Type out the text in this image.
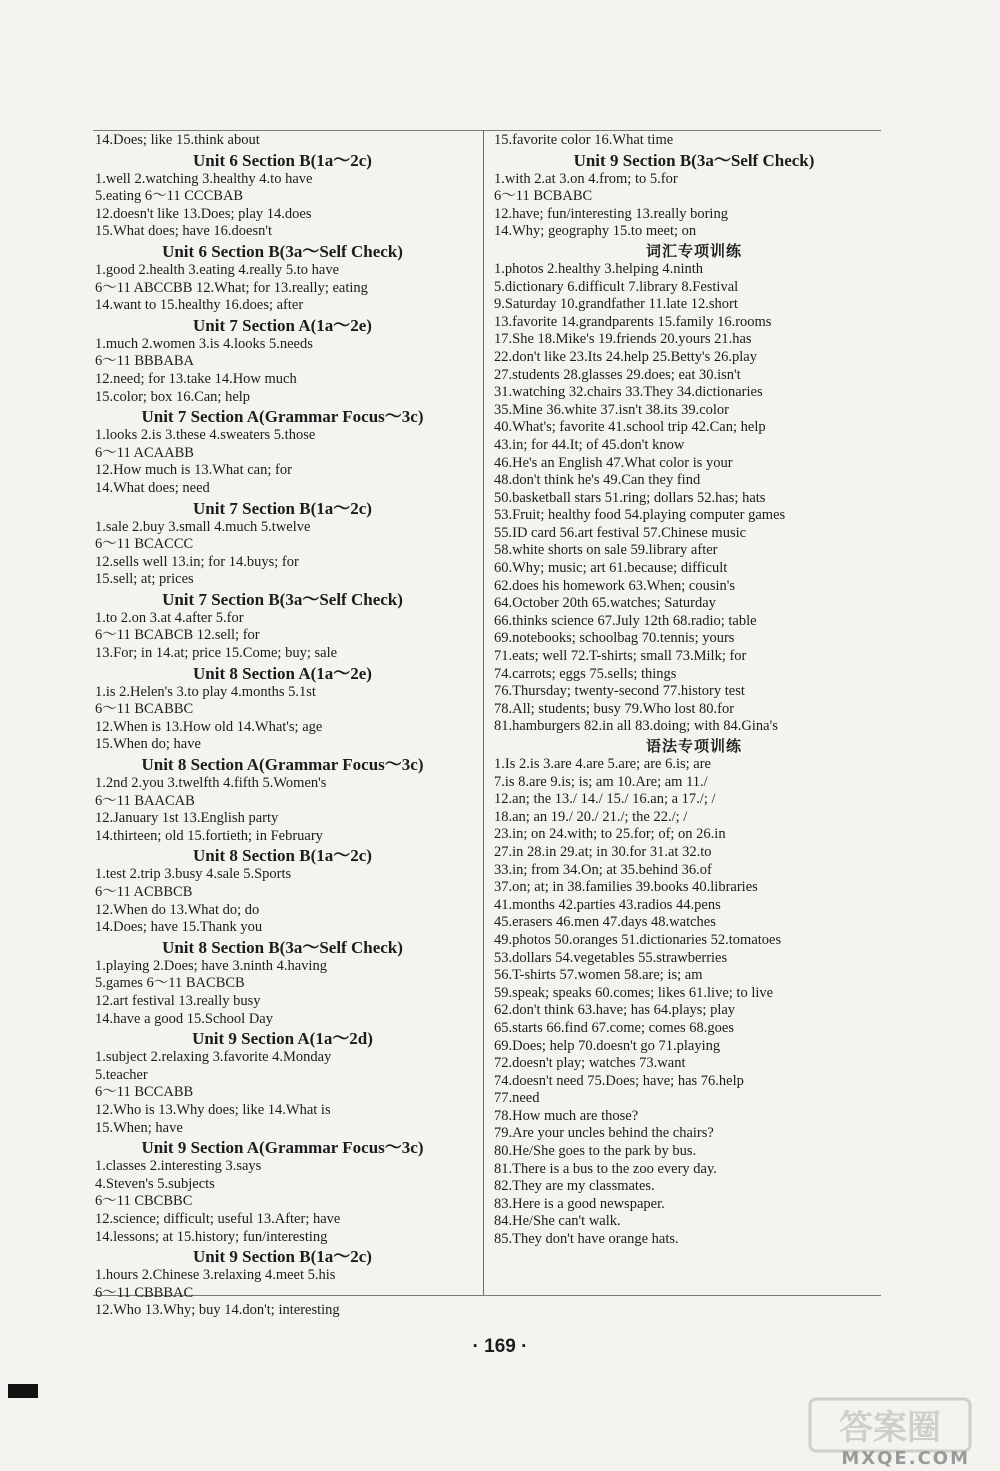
14.Does; like 15.think about
Unit 6 Section B(1a～2c)
1.well 2.watching 3.healthy 4.to have
5.eating 6～11 CCCBAB
12.doesn't like 13.Does; play 14.does
15.What does; have 16.doesn't
Unit 6 Section B(3a～Self Check)
1.good 2.health 3.eating 4.really 5.to have
6～11 ABCCBB 12.What; for 13.really; eating
14.want to 15.healthy 16.does; after
Unit 7 Section A(1a～2e)
1.much 2.women 3.is 4.looks 5.needs
6～11 BBBABA
12.need; for 13.take 14.How much
15.color; box 16.Can; help
Unit 7 Section A(Grammar Focus～3c)
1.looks 2.is 3.these 4.sweaters 5.those
6～11 ACAABB
12.How much is 13.What can; for
14.What does; need
Unit 7 Section B(1a～2c)
1.sale 2.buy 3.small 4.much 5.twelve
6～11 BCACCC
12.sells well 13.in; for 14.buys; for
15.sell; at; prices
Unit 7 Section B(3a～Self Check)
1.to 2.on 3.at 4.after 5.for
6～11 BCABCB 12.sell; for
13.For; in 14.at; price 15.Come; buy; sale
Unit 8 Section A(1a～2e)
1.is 2.Helen's 3.to play 4.months 5.1st
6～11 BCABBC
12.When is 13.How old 14.What's; age
15.When do; have
Unit 8 Section A(Grammar Focus～3c)
1.2nd 2.you 3.twelfth 4.fifth 5.Women's
6～11 BAACAB
12.January 1st 13.English party
14.thirteen; old 15.fortieth; in February
Unit 8 Section B(1a～2c)
1.test 2.trip 3.busy 4.sale 5.Sports
6～11 ACBBCB
12.When do 13.What do; do
14.Does; have 15.Thank you
Unit 8 Section B(3a～Self Check)
1.playing 2.Does; have 3.ninth 4.having
5.games 6～11 BACBCB
12.art festival 13.really busy
14.have a good 15.School Day
Unit 9 Section A(1a～2d)
1.subject 2.relaxing 3.favorite 4.Monday
5.teacher
6～11 BCCABB
12.Who is 13.Why does; like 14.What is
15.When; have
Unit 9 Section A(Grammar Focus～3c)
1.classes 2.interesting 3.says
4.Steven's 5.subjects
6～11 CBCBBC
12.science; difficult; useful 13.After; have
14.lessons; at 15.history; fun/interesting
Unit 9 Section B(1a～2c)
1.hours 2.Chinese 3.relaxing 4.meet 5.his
6～11 CBBBAC
12.Who 13.Why; buy 14.don't; interesting
15.favorite color 16.What time
Unit 9 Section B(3a～Self Check)
1.with 2.at 3.on 4.from; to 5.for
6～11 BCBABC
12.have; fun/interesting 13.really boring
14.Why; geography 15.to meet; on
词汇专项训练
1.photos 2.healthy 3.helping 4.ninth
5.dictionary 6.difficult 7.library 8.Festival
9.Saturday 10.grandfather 11.late 12.short
13.favorite 14.grandparents 15.family 16.rooms
17.She 18.Mike's 19.friends 20.yours 21.has
22.don't like 23.Its 24.help 25.Betty's 26.play
27.students 28.glasses 29.does; eat 30.isn't
31.watching 32.chairs 33.They 34.dictionaries
35.Mine 36.white 37.isn't 38.its 39.color
40.What's; favorite 41.school trip 42.Can; help
43.in; for 44.It; of 45.don't know
46.He's an English 47.What color is your
48.don't think he's 49.Can they find
50.basketball stars 51.ring; dollars 52.has; hats
53.Fruit; healthy food 54.playing computer games
55.ID card 56.art festival 57.Chinese music
58.white shorts on sale 59.library after
60.Why; music; art 61.because; difficult
62.does his homework 63.When; cousin's
64.October 20th 65.watches; Saturday
66.thinks science 67.July 12th 68.radio; table
69.notebooks; schoolbag 70.tennis; yours
71.eats; well 72.T-shirts; small 73.Milk; for
74.carrots; eggs 75.sells; things
76.Thursday; twenty-second 77.history test
78.All; students; busy 79.Who lost 80.for
81.hamburgers 82.in all 83.doing; with 84.Gina's
语法专项训练
1.Is 2.is 3.are 4.are 5.are; are 6.is; are
7.is 8.are 9.is; is; am 10.Are; am 11./
12.an; the 13./ 14./ 15./ 16.an; a 17./; /
18.an; an 19./ 20./ 21./; the 22./; /
23.in; on 24.with; to 25.for; of; on 26.in
27.in 28.in 29.at; in 30.for 31.at 32.to
33.in; from 34.On; at 35.behind 36.of
37.on; at; in 38.families 39.books 40.libraries
41.months 42.parties 43.radios 44.pens
45.erasers 46.men 47.days 48.watches
49.photos 50.oranges 51.dictionaries 52.tomatoes
53.dollars 54.vegetables 55.strawberries
56.T-shirts 57.women 58.are; is; am
59.speak; speaks 60.comes; likes 61.live; to live
62.don't think 63.have; has 64.plays; play
65.starts 66.find 67.come; comes 68.goes
69.Does; help 70.doesn't go 71.playing
72.doesn't play; watches 73.want
74.doesn't need 75.Does; have; has 76.help
77.need
78.How much are those?
79.Are your uncles behind the chairs?
80.He/She goes to the park by bus.
81.There is a bus to the zoo every day.
82.They are my classmates.
83.Here is a good newspaper.
84.He/She can't walk.
85.They don't have orange hats.
· 169 ·
答案圈
MXQE.COM
